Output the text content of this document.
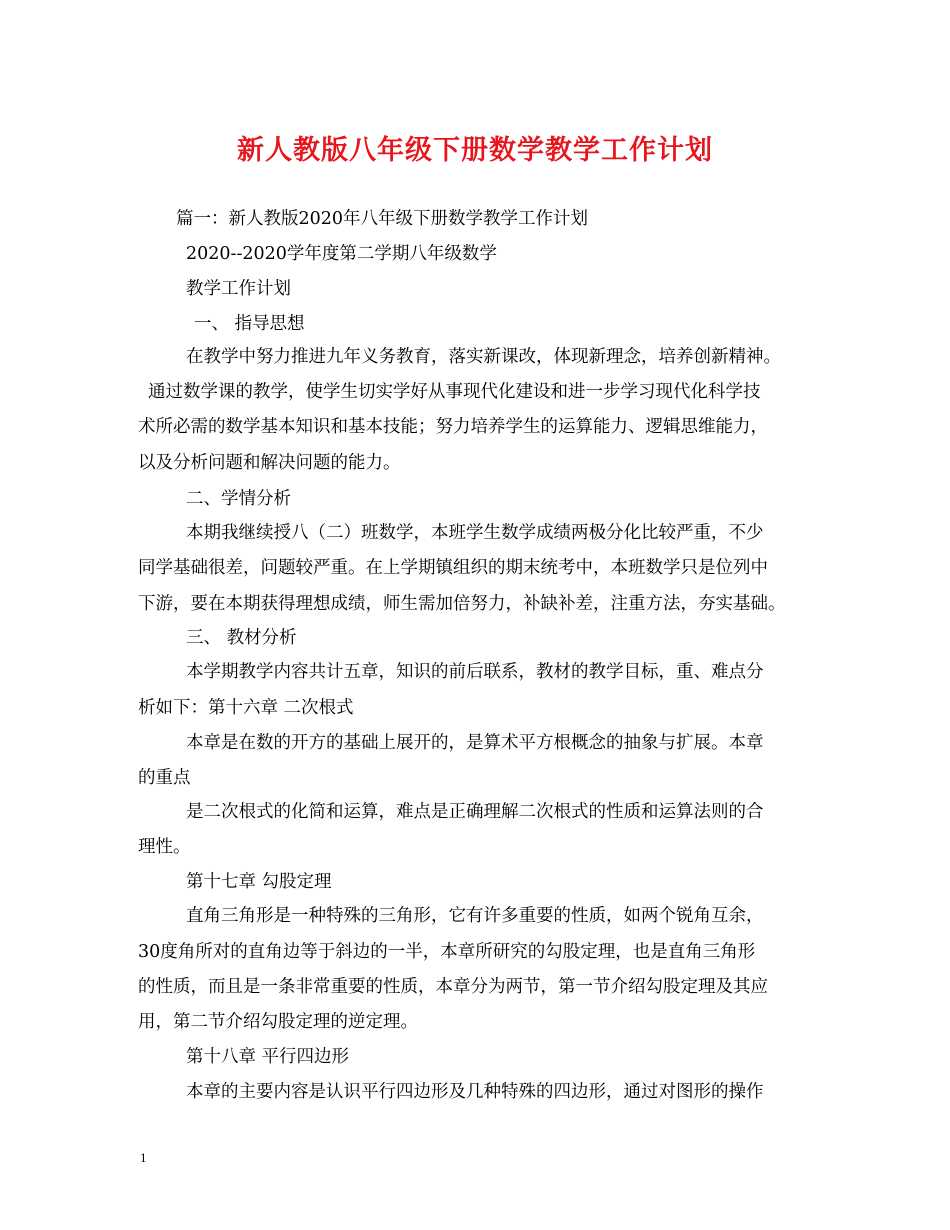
新人教版八年级下册数学教学工作计划
篇一：新人教版2020年八年级下册数学教学工作计划
2020--2020学年度第二学期八年级数学
教学工作计划
一、 指导思想
在教学中努力推进九年义务教育，落实新课改，体现新理念，培养创新精神。
通过数学课的教学，使学生切实学好从事现代化建设和进一步学习现代化科学技
术所必需的数学基本知识和基本技能；努力培养学生的运算能力、逻辑思维能力，
以及分析问题和解决问题的能力。
二、学情分析
本期我继续授八（二）班数学，本班学生数学成绩两极分化比较严重，不少
同学基础很差，问题较严重。在上学期镇组织的期末统考中，本班数学只是位列中
下游，要在本期获得理想成绩，师生需加倍努力，补缺补差，注重方法，夯实基础。
三、 教材分析
本学期教学内容共计五章，知识的前后联系，教材的教学目标，重、难点分
析如下：第十六章 二次根式
本章是在数的开方的基础上展开的，是算术平方根概念的抽象与扩展。本章
的重点
是二次根式的化简和运算，难点是正确理解二次根式的性质和运算法则的合
理性。
第十七章 勾股定理
直角三角形是一种特殊的三角形，它有许多重要的性质，如两个锐角互余，
30度角所对的直角边等于斜边的一半，本章所研究的勾股定理，也是直角三角形
的性质，而且是一条非常重要的性质，本章分为两节，第一节介绍勾股定理及其应
用，第二节介绍勾股定理的逆定理。
第十八章 平行四边形
本章的主要内容是认识平行四边形及几种特殊的四边形，通过对图形的操作
1
